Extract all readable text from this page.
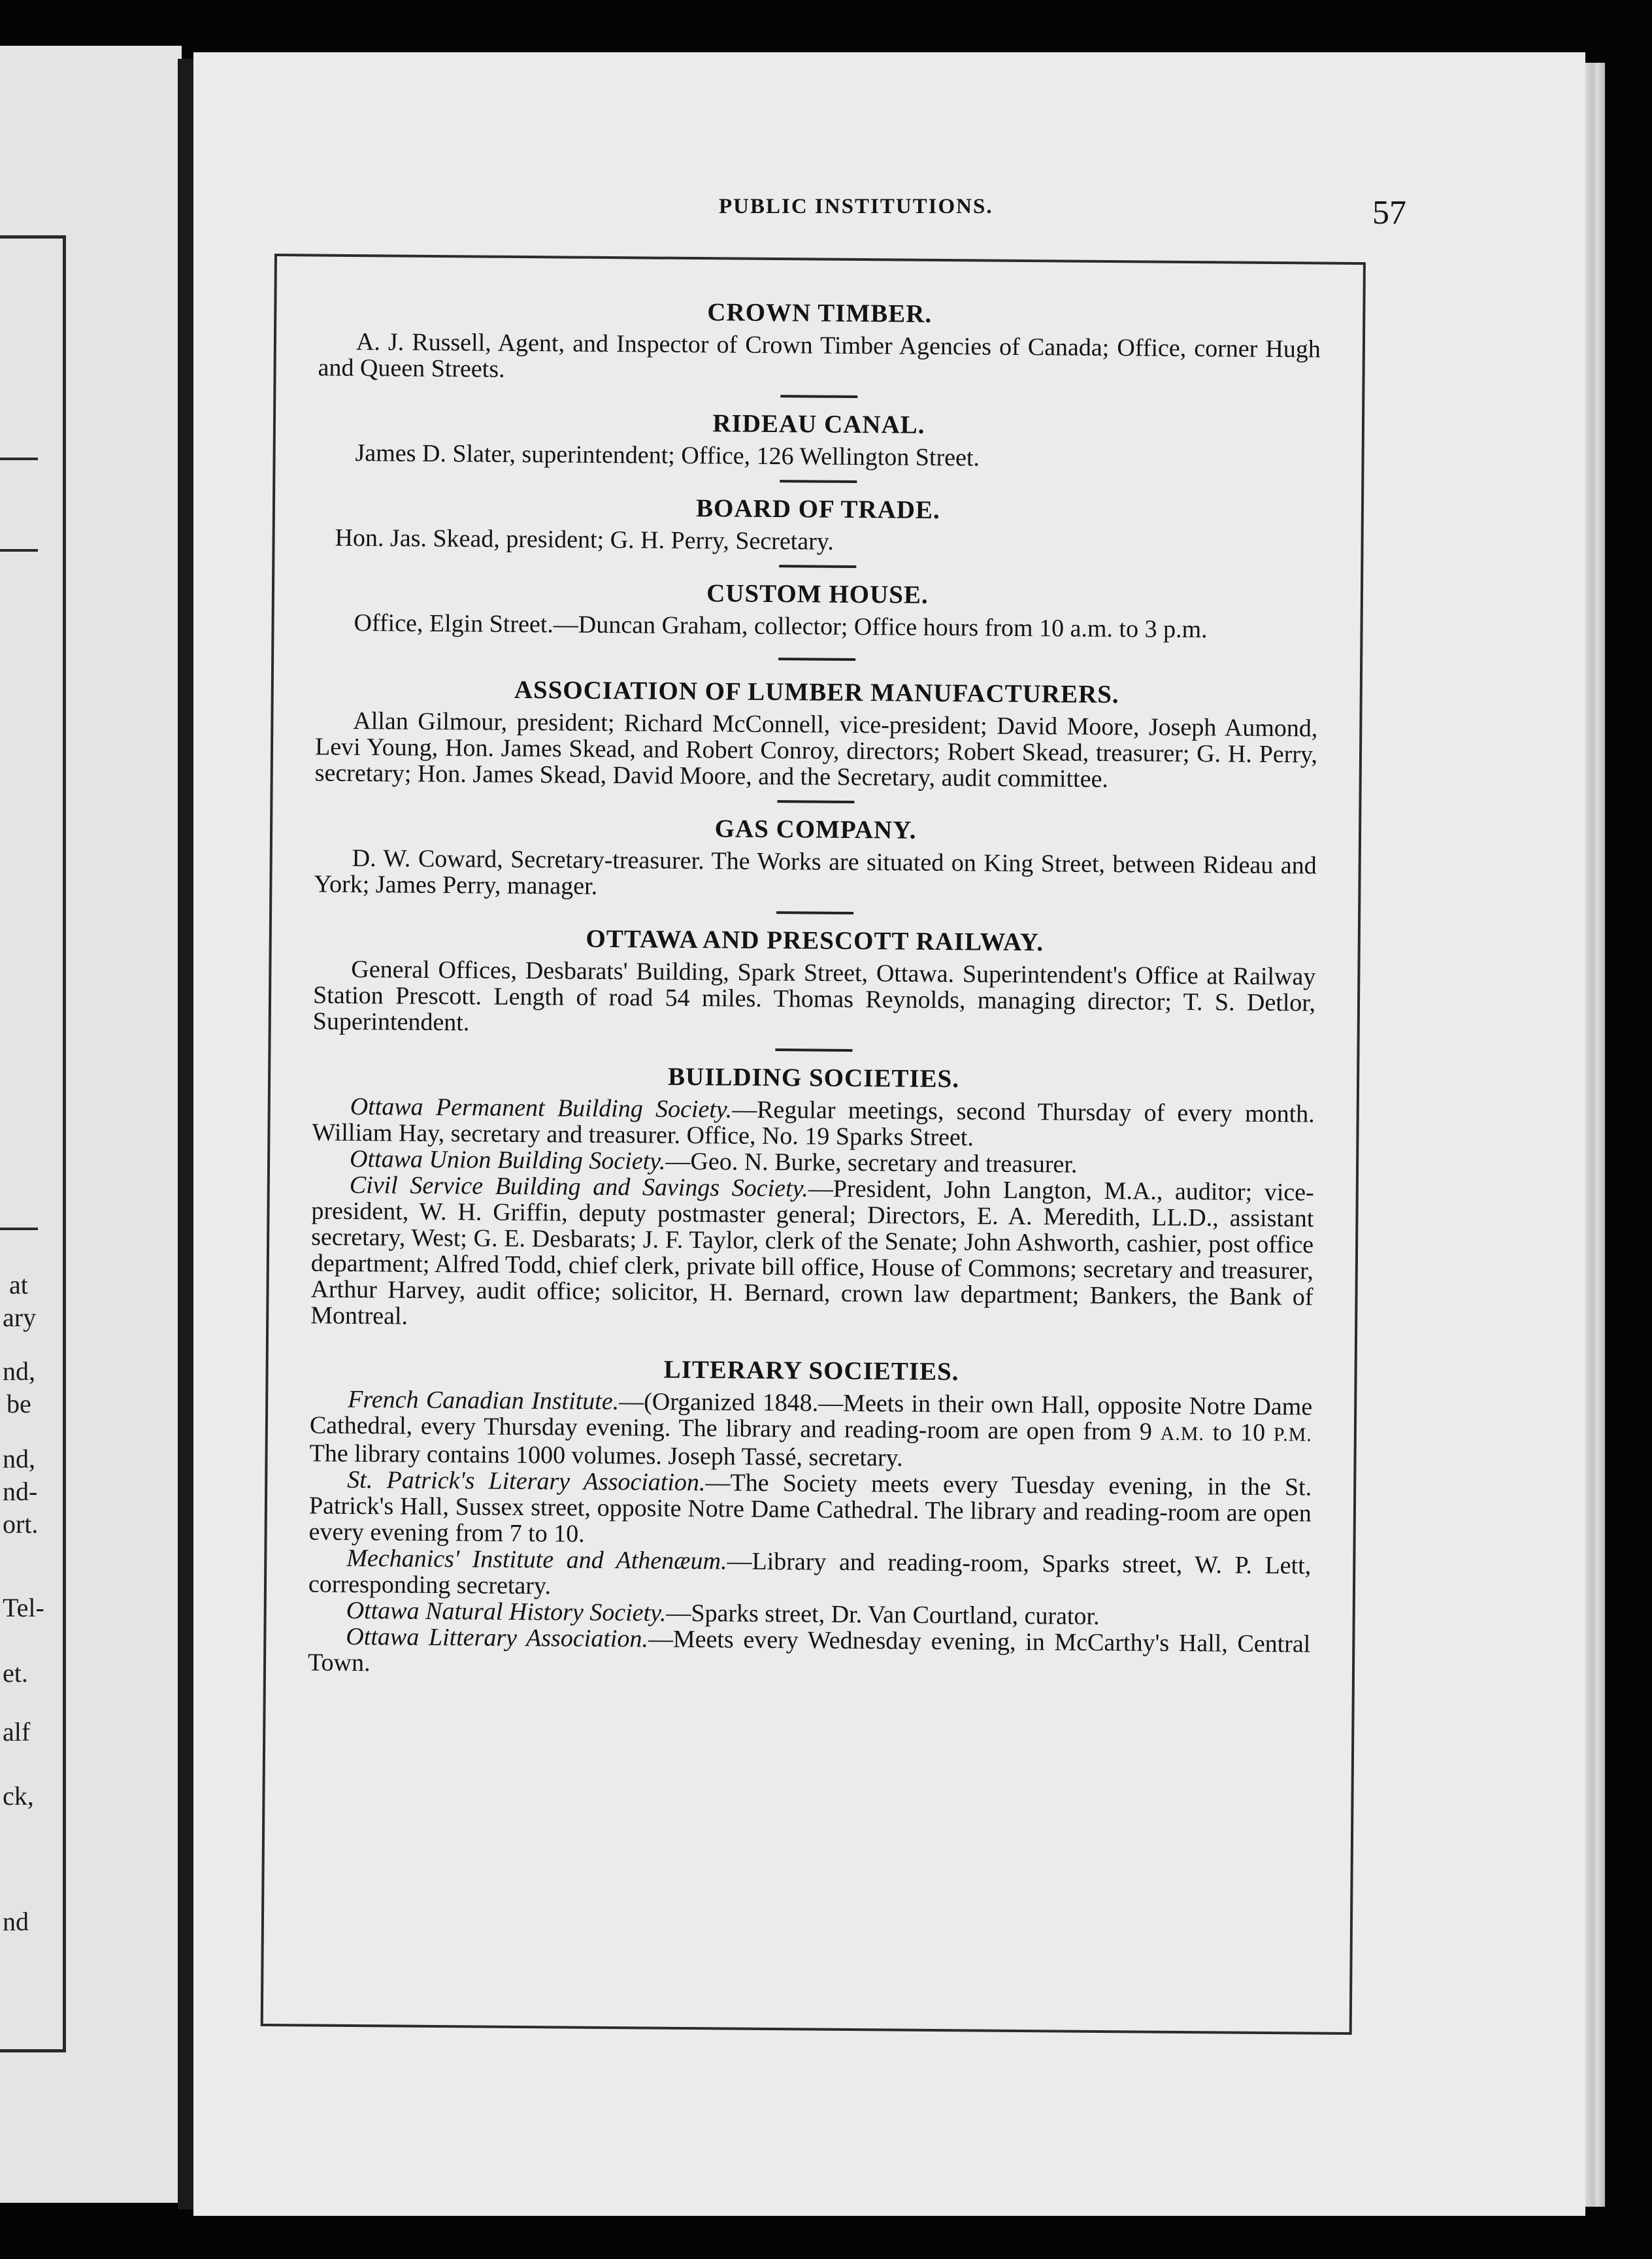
at
ary
nd,
be
nd,
nd-
ort.
Tel-
et.
alf
ck,
nd
PUBLIC INSTITUTIONS.	57
CROWN TIMBER.

A. J. Russell, Agent, and Inspector of Crown Timber Agencies of Canada; Office, corner Hugh and Queen Streets.

RIDEAU CANAL.

James D. Slater, superintendent; Office, 126 Wellington Street.

BOARD OF TRADE.

Hon. Jas. Skead, president; G. H. Perry, Secretary.

CUSTOM HOUSE.

Office, Elgin Street.—Duncan Graham, collector; Office hours from 10 a.m. to 3 p.m.

ASSOCIATION OF LUMBER MANUFACTURERS.

Allan Gilmour, president; Richard McConnell, vice-president; David Moore, Joseph Aumond, Levi Young, Hon. James Skead, and Robert Conroy, directors; Robert Skead, treasurer; G. H. Perry, secretary; Hon. James Skead, David Moore, and the Secretary, audit committee.

GAS COMPANY.

D. W. Coward, Secretary-treasurer. The Works are situated on King Street, between Rideau and York; James Perry, manager.

OTTAWA AND PRESCOTT RAILWAY.

General Offices, Desbarats' Building, Spark Street, Ottawa. Superintendent's Office at Railway Station Prescott. Length of road 54 miles. Thomas Reynolds, managing director; T. S. Detlor, Superintendent.

BUILDING SOCIETIES.

Ottawa Permanent Building Society.—Regular meetings, second Thursday of every month. William Hay, secretary and treasurer. Office, No. 19 Sparks Street.

Ottawa Union Building Society.—Geo. N. Burke, secretary and treasurer.

Civil Service Building and Savings Society.—President, John Langton, M.A., auditor; vice-president, W. H. Griffin, deputy postmaster general; Directors, E. A. Meredith, LL.D., assistant secretary, West; G. E. Desbarats; J. F. Taylor, clerk of the Senate; John Ashworth, cashier, post office department; Alfred Todd, chief clerk, private bill office, House of Commons; secretary and treasurer, Arthur Harvey, audit office; solicitor, H. Bernard, crown law department; Bankers, the Bank of Montreal.

LITERARY SOCIETIES.

French Canadian Institute.—(Organized 1848.—Meets in their own Hall, opposite Notre Dame Cathedral, every Thursday evening. The library and reading-room are open from 9 A.M. to 10 P.M. The library contains 1000 volumes. Joseph Tassé, secretary.

St. Patrick's Literary Association.—The Society meets every Tuesday evening, in the St. Patrick's Hall, Sussex street, opposite Notre Dame Cathedral. The library and reading-room are open every evening from 7 to 10.

Mechanics' Institute and Athenæum.—Library and reading-room, Sparks street, W. P. Lett, corresponding secretary.

Ottawa Natural History Society.—Sparks street, Dr. Van Courtland, curator.

Ottawa Litterary Association.—Meets every Wednesday evening, in McCarthy's Hall, Central Town.
